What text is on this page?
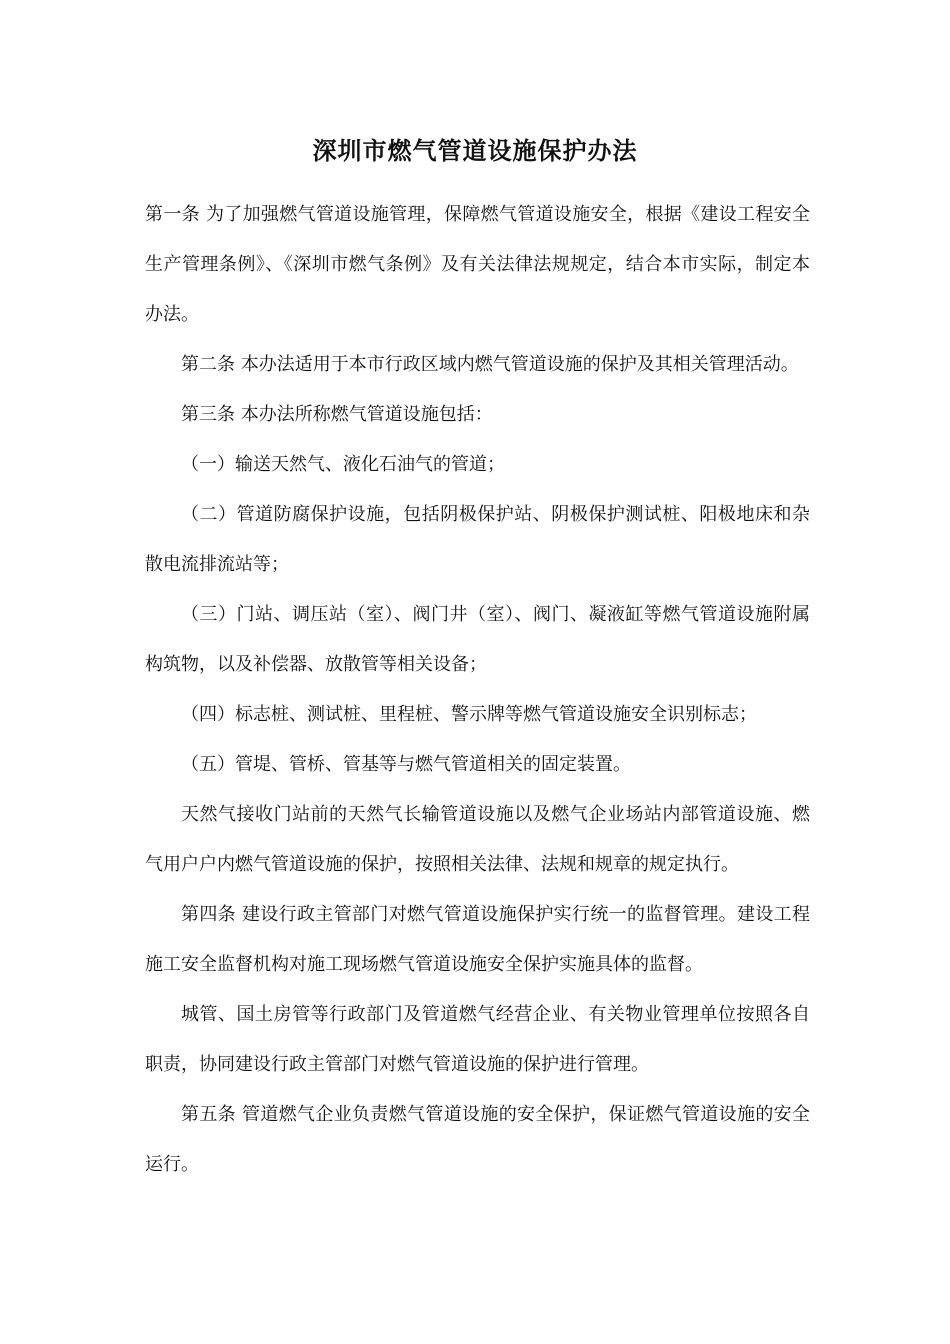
深圳市燃气管道设施保护办法

第一条 为了加强燃气管道设施管理，保障燃气管道设施安全，根据《建设工程安全生产管理条例》、《深圳市燃气条例》及有关法律法规规定，结合本市实际，制定本办法。

第二条 本办法适用于本市行政区域内燃气管道设施的保护及其相关管理活动。

第三条 本办法所称燃气管道设施包括：

（一）输送天然气、液化石油气的管道；

（二）管道防腐保护设施，包括阴极保护站、阴极保护测试桩、阳极地床和杂散电流排流站等；

（三）门站、调压站（室）、阀门井（室）、阀门、凝液缸等燃气管道设施附属构筑物，以及补偿器、放散管等相关设备；

（四）标志桩、测试桩、里程桩、警示牌等燃气管道设施安全识别标志；

（五）管堤、管桥、管基等与燃气管道相关的固定装置。

天然气接收门站前的天然气长输管道设施以及燃气企业场站内部管道设施、燃气用户户内燃气管道设施的保护，按照相关法律、法规和规章的规定执行。

第四条 建设行政主管部门对燃气管道设施保护实行统一的监督管理。建设工程施工安全监督机构对施工现场燃气管道设施安全保护实施具体的监督。

城管、国土房管等行政部门及管道燃气经营企业、有关物业管理单位按照各自职责，协同建设行政主管部门对燃气管道设施的保护进行管理。

第五条 管道燃气企业负责燃气管道设施的安全保护，保证燃气管道设施的安全运行。
